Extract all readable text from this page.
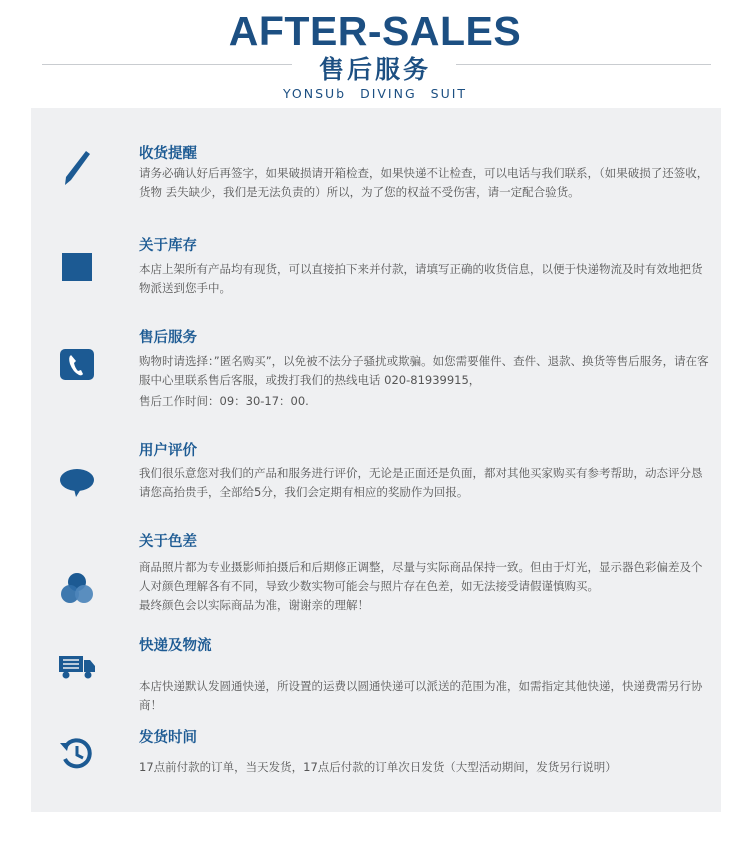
AFTER-SALES
售后服务
YONSUb DIVING SUIT
收货提醒

请务必确认好后再签字，如果破损请开箱检查，如果快递不让检查，可以电话与我们联系，（如果破损了还签收，货物 丢失缺少，我们是无法负责的）所以，为了您的权益不受伤害，请一定配合验货。

关于库存

本店上架所有产品均有现货，可以直接拍下来并付款，请填写正确的收货信息，以便于快递物流及时有效地把货物派送到您手中。

售后服务

购物时请选择：”匿名购买”，以免被不法分子骚扰或欺骗。如您需要催件、查件、退款、换货等售后服务，请在客服中心里联系售后客服，或拨打我们的热线电话 020-81939915，

售后工作时间：09：30-17：00.

用户评价

我们很乐意您对我们的产品和服务进行评价，无论是正面还是负面，都对其他买家购买有参考帮助，动态评分恳请您高抬贵手，全部给5分，我们会定期有相应的奖励作为回报。

关于色差

商品照片都为专业摄影师拍摄后和后期修正调整，尽量与实际商品保持一致。但由于灯光，显示器色彩偏差及个人对颜色理解各有不同，导致少数实物可能会与照片存在色差，如无法接受请假谨慎购买。

最终颜色会以实际商品为准，谢谢亲的理解！

快递及物流

本店快递默认发圆通快递，所设置的运费以圆通快递可以派送的范围为准，如需指定其他快递，快递费需另行协商！

发货时间

17点前付款的订单，当天发货，17点后付款的订单次日发货（大型活动期间，发货另行说明）
